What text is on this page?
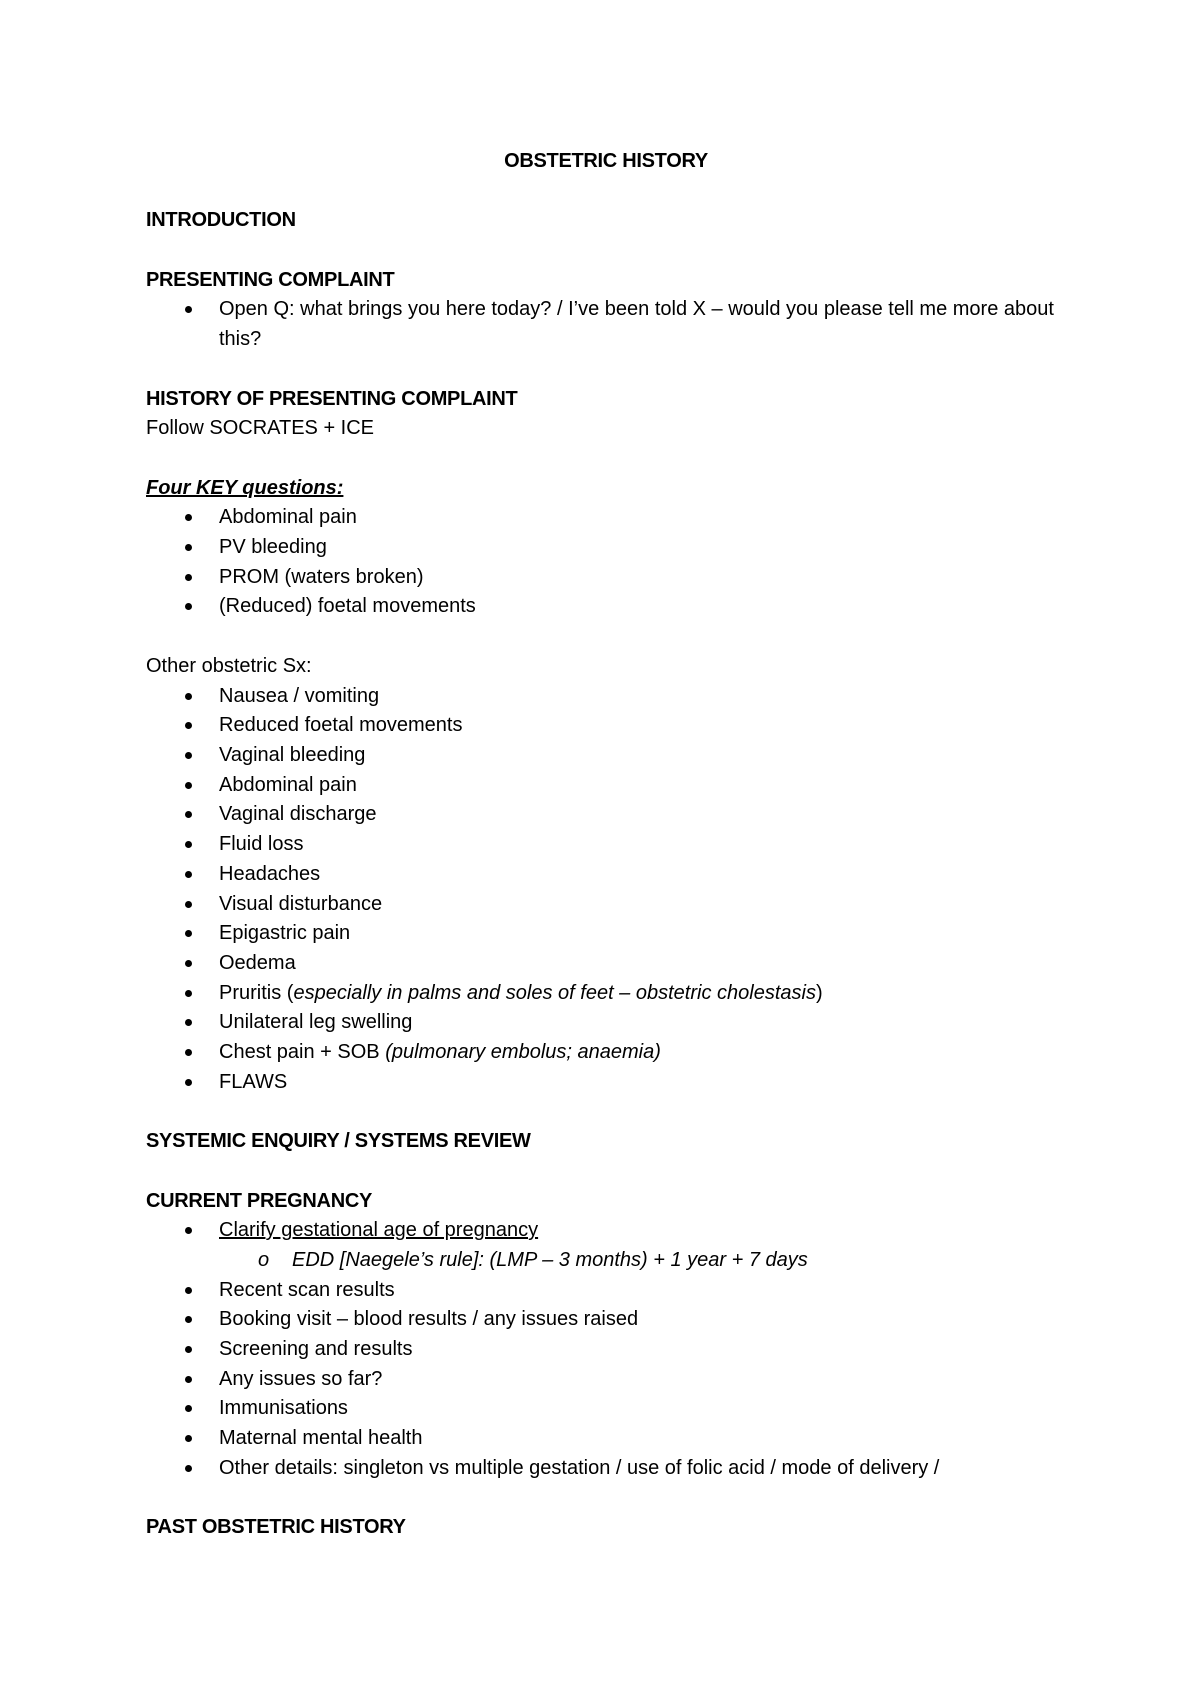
OBSTETRIC HISTORY

INTRODUCTION

PRESENTING COMPLAINT

Open Q: what brings you here today? / I’ve been told X – would you please tell me more about this?

HISTORY OF PRESENTING COMPLAINT

Follow SOCRATES + ICE

Four KEY questions:

Abdominal pain
PV bleeding
PROM (waters broken)
(Reduced) foetal movements

Other obstetric Sx:

Nausea / vomiting
Reduced foetal movements
Vaginal bleeding
Abdominal pain
Vaginal discharge
Fluid loss
Headaches
Visual disturbance
Epigastric pain
Oedema
Pruritis (especially in palms and soles of feet – obstetric cholestasis)
Unilateral leg swelling
Chest pain + SOB (pulmonary embolus; anaemia)
FLAWS

SYSTEMIC ENQUIRY / SYSTEMS REVIEW

CURRENT PREGNANCY

Clarify gestational age of pregnancy
o EDD [Naegele’s rule]: (LMP – 3 months) + 1 year + 7 days
Recent scan results
Booking visit – blood results / any issues raised
Screening and results
Any issues so far?
Immunisations
Maternal mental health
Other details: singleton vs multiple gestation / use of folic acid / mode of delivery /

PAST OBSTETRIC HISTORY
